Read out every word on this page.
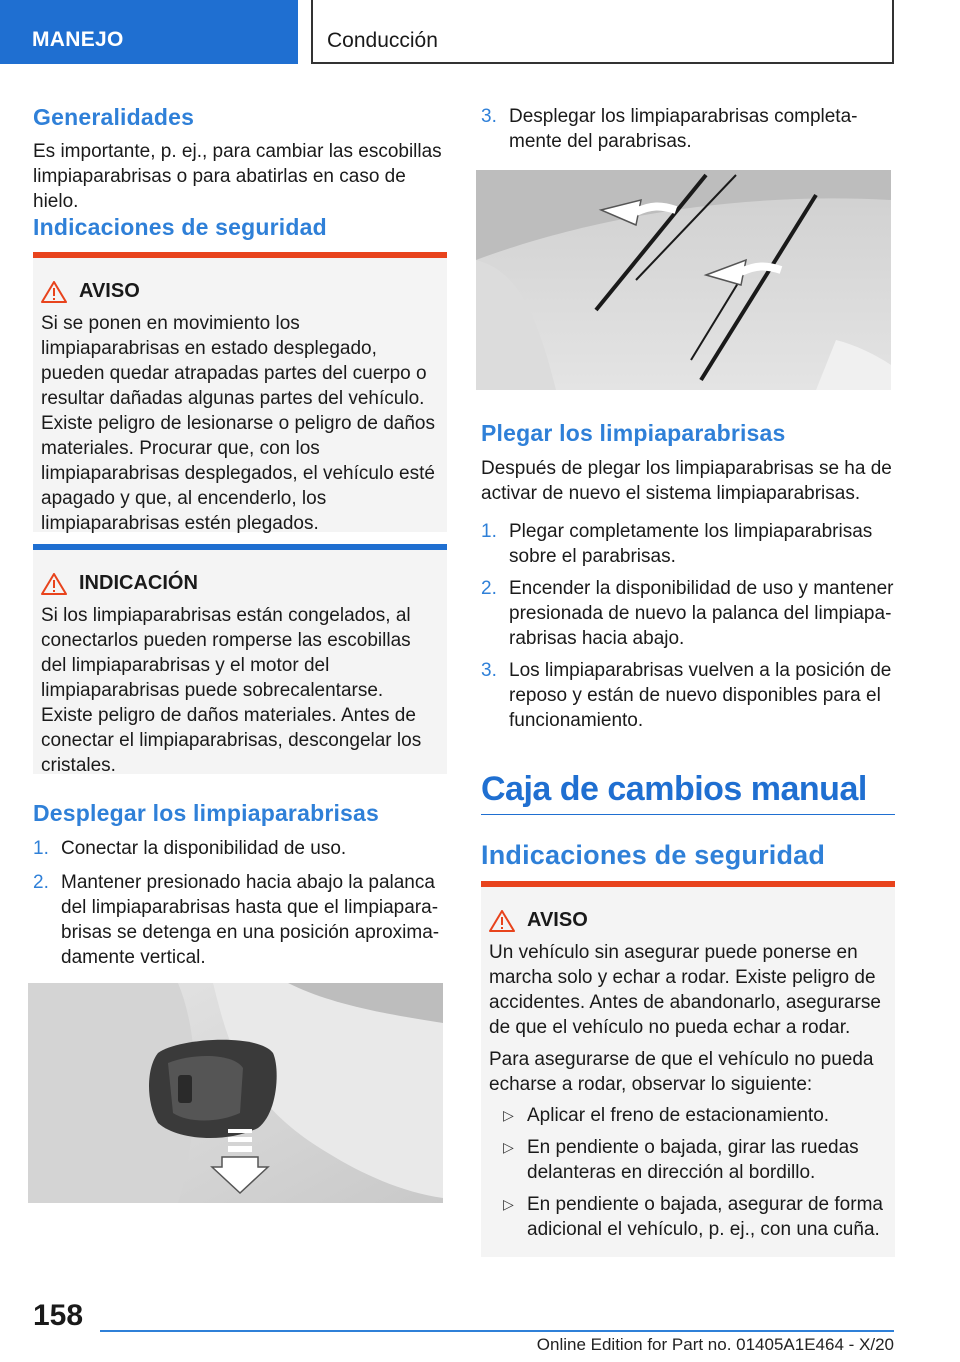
MANEJO	Conducción
Generalidades

Es importante, p. ej., para cambiar las escobillas limpiaparabrisas o para abatirlas en caso de hielo.

Indicaciones de seguridad
AVISO

Si se ponen en movimiento los limpiaparabrisas en estado desplegado, pueden quedar atrapadas partes del cuerpo o resultar dañadas algunas partes del vehículo. Existe peligro de lesionarse o peligro de daños materiales. Procurar que, con los limpiaparabrisas desplegados, el vehículo esté apagado y que, al encenderlo, los limpiaparabrisas estén plegados.

INDICACIÓN

Si los limpiaparabrisas están congelados, al conectarlos pueden romperse las escobillas del limpiaparabrisas y el motor del limpiaparabrisas puede sobrecalentarse. Existe peligro de daños materiales. Antes de conectar el limpiaparabrisas, descongelar los cristales.

Desplegar los limpiaparabrisas
1. Conectar la disponibilidad de uso.
2. Mantener presionado hacia abajo la palanca del limpiaparabrisas hasta que el limpiaparabrisas se detenga en una posición aproximadamente vertical.
3. Desplegar los limpiaparabrisas completamente del parabrisas.
Plegar los limpiaparabrisas

Después de plegar los limpiaparabrisas se ha de activar de nuevo el sistema limpiaparabrisas.

1. Plegar completamente los limpiaparabrisas sobre el parabrisas.
2. Encender la disponibilidad de uso y mantener presionada de nuevo la palanca del limpiaparabrisas hacia abajo.
3. Los limpiaparabrisas vuelven a la posición de reposo y están de nuevo disponibles para el funcionamiento.
Caja de cambios manual
Indicaciones de seguridad
AVISO

Un vehículo sin asegurar puede ponerse en marcha solo y echar a rodar. Existe peligro de accidentes. Antes de abandonarlo, asegurarse de que el vehículo no pueda echar a rodar.

Para asegurarse de que el vehículo no pueda echarse a rodar, observar lo siguiente:

▷ Aplicar el freno de estacionamiento.
▷ En pendiente o bajada, girar las ruedas delanteras en dirección al bordillo.
▷ En pendiente o bajada, asegurar de forma adicional el vehículo, p. ej., con una cuña.
158
Online Edition for Part no. 01405A1E464 - X/20
